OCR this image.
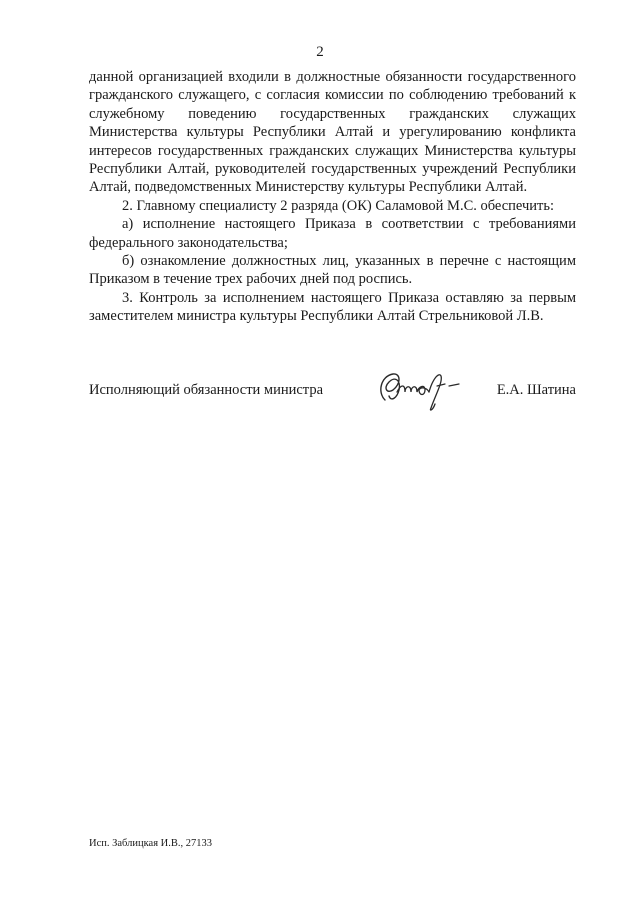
2

данной организацией входили в должностные обязанности государственного гражданского служащего, с согласия комиссии по соблюдению требований к служебному поведению государственных гражданских служащих Министерства культуры Республики Алтай и урегулированию конфликта интересов государственных гражданских служащих Министерства культуры Республики Алтай, руководителей государственных учреждений Республики Алтай, подведомственных Министерству культуры Республики Алтай.

2. Главному специалисту 2 разряда (ОК) Саламовой М.С. обеспечить:

а) исполнение настоящего Приказа в соответствии с требованиями федерального законодательства;

б) ознакомление должностных лиц, указанных в перечне с настоящим Приказом в течение трех рабочих дней под роспись.

3. Контроль за исполнением настоящего Приказа оставляю за первым заместителем министра культуры Республики Алтай Стрельниковой Л.В.

Исполняющий обязанности министра	Е.А. Шатина
Исп. Заблицкая И.В., 27133
